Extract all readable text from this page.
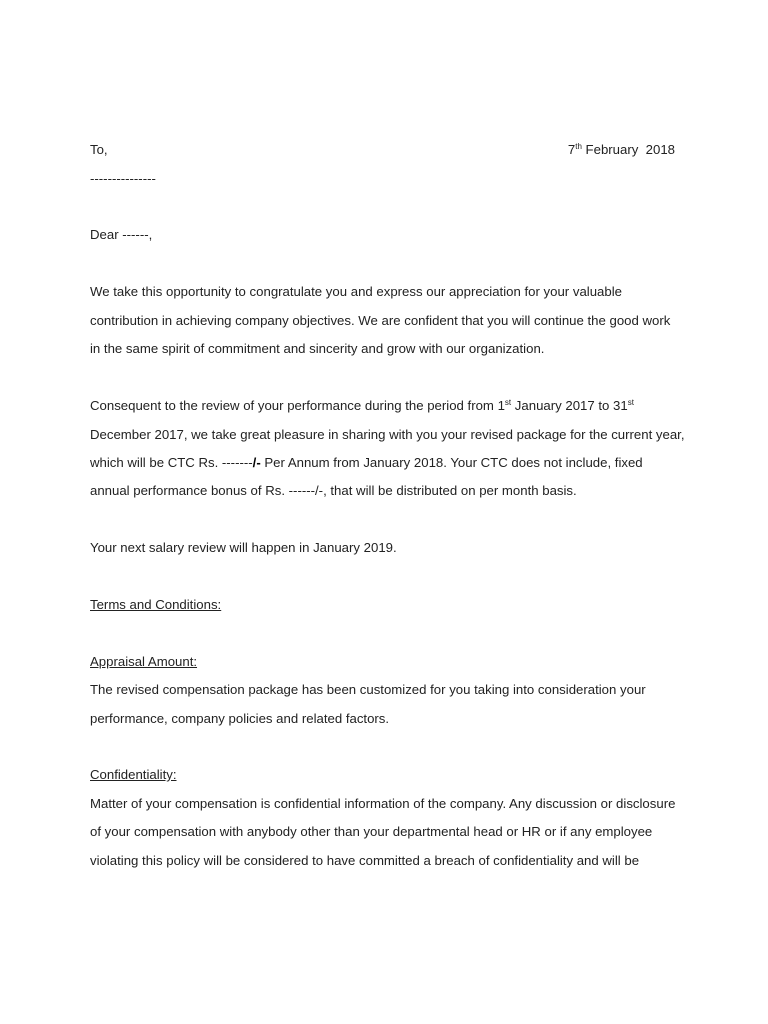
To,	7th February  2018
---------------
Dear ------,
We take this opportunity to congratulate you and express our appreciation for your valuable
contribution in achieving company objectives. We are confident that you will continue the good work
in the same spirit of commitment and sincerity and grow with our organization.
Consequent to the review of your performance during the period from 1st January 2017 to 31st
December 2017, we take great pleasure in sharing with you your revised package for the current year,
which will be CTC Rs. -------/- Per Annum from January 2018. Your CTC does not include, fixed
annual performance bonus of Rs. ------/-, that will be distributed on per month basis.
Your next salary review will happen in January 2019.
Terms and Conditions:
Appraisal Amount:
The revised compensation package has been customized for you taking into consideration your
performance, company policies and related factors.
Confidentiality:
Matter of your compensation is confidential information of the company. Any discussion or disclosure
of your compensation with anybody other than your departmental head or HR or if any employee
violating this policy will be considered to have committed a breach of confidentiality and will be
